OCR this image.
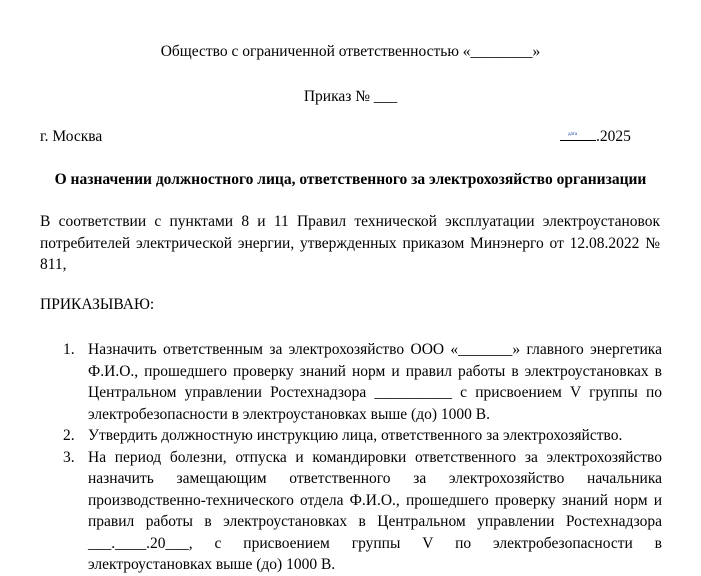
Общество с ограниченной ответственностью «________»
Приказ № ___
г. Москва	дата .2025
О назначении должностного лица, ответственного за электрохозяйство организации
В соответствии с пунктами 8 и 11 Правил технической эксплуатации электроустановок потребителей электрической энергии, утвержденных приказом Минэнерго от 12.08.2022 № 811,
ПРИКАЗЫВАЮ:
1. Назначить ответственным за электрохозяйство ООО «_______» главного энергетика Ф.И.О., прошедшего проверку знаний норм и правил работы в электроустановках в Центральном управлении Ростехнадзора __________ с присвоением V группы по электробезопасности в электроустановках выше (до) 1000 В.
2. Утвердить должностную инструкцию лица, ответственного за электрохозяйство.
3. На период болезни, отпуска и командировки ответственного за электрохозяйство назначить замещающим ответственного за электрохозяйство начальника производственно-технического отдела Ф.И.О., прошедшего проверку знаний норм и правил работы в электроустановках в Центральном управлении Ростехнадзора ___.____.20___, с присвоением группы V по электробезопасности в электроустановках выше (до) 1000 В.
